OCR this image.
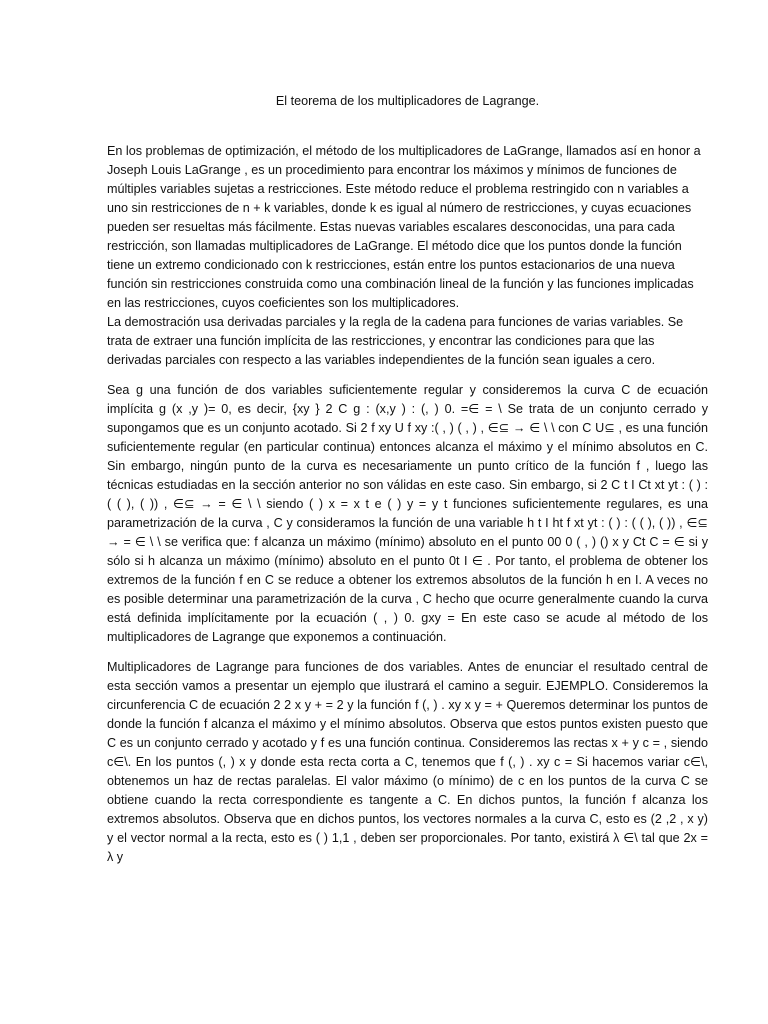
El teorema de los multiplicadores de Lagrange.

En los problemas de optimización, el método de los multiplicadores de LaGrange, llamados así en honor a Joseph Louis LaGrange , es un procedimiento para encontrar los máximos y mínimos de funciones de múltiples variables sujetas a restricciones. Este método reduce el problema restringido con n variables a uno sin restricciones de n + k variables, donde k es igual al número de restricciones, y cuyas ecuaciones pueden ser resueltas más fácilmente. Estas nuevas variables escalares desconocidas, una para cada restricción, son llamadas multiplicadores de LaGrange. El método dice que los puntos donde la función tiene un extremo condicionado con k restricciones, están entre los puntos estacionarios de una nueva función sin restricciones construida como una combinación lineal de la función y las funciones implicadas en las restricciones, cuyos coeficientes son los multiplicadores.

La demostración usa derivadas parciales y la regla de la cadena para funciones de varias variables. Se trata de extraer una función implícita de las restricciones, y encontrar las condiciones para que las derivadas parciales con respecto a las variables independientes de la función sean iguales a cero.

Sea g una función de dos variables suficientemente regular y consideremos la curva C de ecuación implícita g (x ,y )= 0, es decir, {xy } 2 C g : (x,y ) : (, ) 0. =∈ = \ Se trata de un conjunto cerrado y supongamos que es un conjunto acotado. Si 2 f xy U f xy :( , ) ( , ) , ∈⊆ → ∈ \ \ con C U⊆ , es una función suficientemente regular (en particular continua) entonces alcanza el máximo y el mínimo absolutos en C. Sin embargo, ningún punto de la curva es necesariamente un punto crítico de la función f , luego las técnicas estudiadas en la sección anterior no son válidas en este caso. Sin embargo, si 2 C t I Ct xt yt : ( ) : ( ( ), ( )) , ∈⊆ → = ∈ \ \ siendo ( ) x = x t e ( ) y = y t funciones suficientemente regulares, es una parametrización de la curva , C y consideramos la función de una variable h t I ht f xt yt : ( ) : ( ( ), ( )) , ∈⊆ → = ∈ \ \ se verifica que: f alcanza un máximo (mínimo) absoluto en el punto 00 0 ( , ) () x y Ct C = ∈ si y sólo si h alcanza un máximo (mínimo) absoluto en el punto 0t I ∈ . Por tanto, el problema de obtener los extremos de la función f en C se reduce a obtener los extremos absolutos de la función h en I. A veces no es posible determinar una parametrización de la curva , C hecho que ocurre generalmente cuando la curva está definida implícitamente por la ecuación ( , ) 0. gxy = En este caso se acude al método de los multiplicadores de Lagrange que exponemos a continuación.

Multiplicadores de Lagrange para funciones de dos variables. Antes de enunciar el resultado central de esta sección vamos a presentar un ejemplo que ilustrará el camino a seguir. EJEMPLO. Consideremos la circunferencia C de ecuación 2 2 x y + = 2 y la función f (, ) . xy x y = + Queremos determinar los puntos de donde la función f alcanza el máximo y el mínimo absolutos. Observa que estos puntos existen puesto que C es un conjunto cerrado y acotado y f es una función continua. Consideremos las rectas x + y c = , siendo c∈\. En los puntos (, ) x y donde esta recta corta a C, tenemos que f (, ) . xy c = Si hacemos variar c∈\, obtenemos un haz de rectas paralelas. El valor máximo (o mínimo) de c en los puntos de la curva C se obtiene cuando la recta correspondiente es tangente a C. En dichos puntos, la función f alcanza los extremos absolutos. Observa que en dichos puntos, los vectores normales a la curva C, esto es (2 ,2 , x y) y el vector normal a la recta, esto es ( ) 1,1 , deben ser proporcionales. Por tanto, existirá λ ∈\ tal que 2x = λ y
